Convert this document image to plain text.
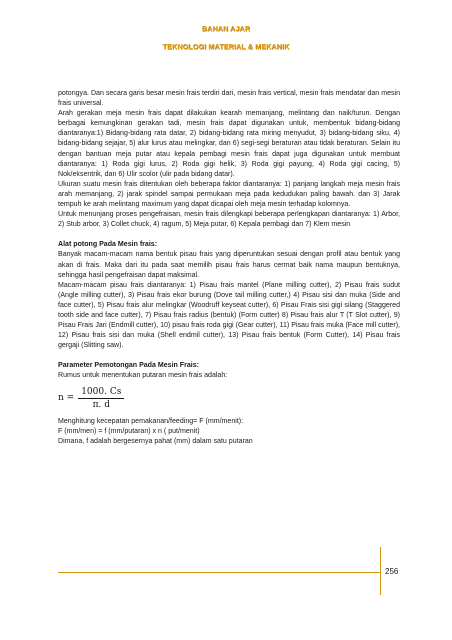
BAHAN AJAR
TEKNOLOGI MATERIAL & MEKANIK

potongya. Dan secara garis besar mesin frais terdiri dari, mesin frais vertical, mesin frais mendatar dan mesin frais universal.

Arah gerakan meja mesin frais dapat dilakukan kearah memanjang, melintang dan naik/turun. Dengan berbagai kemungkinan gerakan tadi, mesin frais dapat digunakan untuk, membentuk bidang-bidang diantaranya:1) Bidang-bidang rata datar, 2) bidang-bidang rata miring menyudut, 3) bidang-bidang siku, 4) bidang-bidang sejajar, 5) alur lurus atau melingkar, dan 6) segi-segi beraturan atau tidak beraturan. Selain itu dengan bantuan meja putar atau kepala pembagi mesin frais dapat juga digunakan untuk membuat diantaranya: 1) Roda gigi lurus, 2) Roda gigi helik, 3) Roda gigi payung, 4) Roda gigi cacing, 5) Nok/eksentrik, dan 6) Ulir scolor (ulir pada bidang datar).

Ukuran suatu mesin frais ditentukan oleh beberapa faktor diantaranya: 1) panjang langkah meja mesin frais arah memanjang, 2) jarak spindel sampai permukaan meja pada kedudukan paling bawah. dan 3) Jarak tempuh ke arah melintang maximum yang dapat dicapai oleh meja mesin terhadap kolomnya.

Untuk menunjang proses pengefraisan, mesin frais dilengkapi beberapa perlengkapan diantaranya: 1) Arbor, 2) Stub arbor, 3) Collet chuck, 4) ragum, 5) Meja putar, 6) Kepala pembagi dan 7) Klem mesin

Alat potong Pada Mesin frais:

Banyak macam-macam nama bentuk pisau frais yang diperuntukan sesuai dengan profil atau bentuk yang akan di frais. Maka dari itu pada saat memilih pisau frais harus cermat baik nama maupun bentuknya, sehingga hasil pengefraisan dapat maksimal.

Macam-macam pisau frais diantaranya: 1) Pisau frais mantel (Plane milling cutter), 2) Pisau frais sudut (Angle milling cutter), 3) Pisau frais ekor burung (Dove tail milling cutter,) 4) Pisau sisi dan muka (Side and face cutter), 5) Pisau frais alur melingkar (Woodruff keyseat cutter), 6) Pisau Frais sisi gigi silang (Staggered tooth side and face cutter), 7) Pisau frais radius (bentuk) (Form cutter) 8) Pisau frais alur T (T Slot cutter), 9) Pisau Frais Jari (Endmill cutter), 10) pisau frais roda gigi (Gear cutter), 11) Pisau frais muka (Face mill cutter), 12) Pisau frais sisi dan muka (Shell endmil cutter), 13) Pisau frais bentuk (Form Cutter), 14) Pisau frais gergaji (Slitting saw).

Parameter Pemotongan Pada Mesin Frais:

Rumus untuk menentukan putaran mesin frais adalah:

$n = \frac{1000. Cs}{\pi. d}$

Menghitung kecepatan pemakanan/feeding= F (mm/menit):

F (mm/men) = f (mm/putaran) x n ( put/menit)

Dimana, f adalah bergesernya pahat (mm) dalam satu putaran

256
